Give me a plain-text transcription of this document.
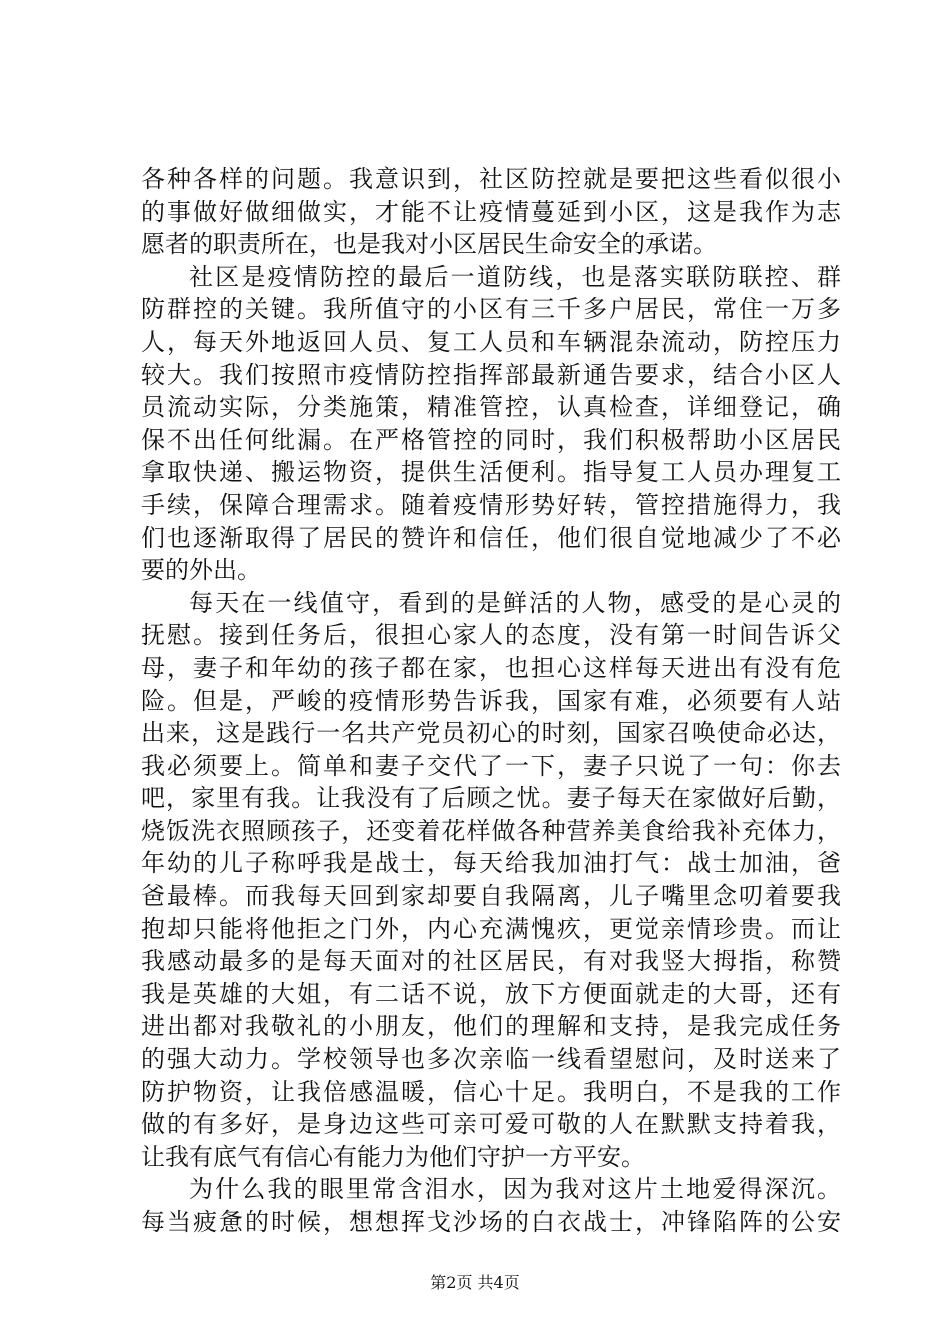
各种各样的问题。我意识到，社区防控就是要把这些看似很小
的事做好做细做实，才能不让疫情蔓延到小区，这是我作为志
愿者的职责所在，也是我对小区居民生命安全的承诺。
社区是疫情防控的最后一道防线，也是落实联防联控、群
防群控的关键。我所值守的小区有三千多户居民，常住一万多
人，每天外地返回人员、复工人员和车辆混杂流动，防控压力
较大。我们按照市疫情防控指挥部最新通告要求，结合小区人
员流动实际，分类施策，精准管控，认真检查，详细登记，确
保不出任何纰漏。在严格管控的同时，我们积极帮助小区居民
拿取快递、搬运物资，提供生活便利。指导复工人员办理复工
手续，保障合理需求。随着疫情形势好转，管控措施得力，我
们也逐渐取得了居民的赞许和信任，他们很自觉地减少了不必
要的外出。
每天在一线值守，看到的是鲜活的人物，感受的是心灵的
抚慰。接到任务后，很担心家人的态度，没有第一时间告诉父
母，妻子和年幼的孩子都在家，也担心这样每天进出有没有危
险。但是，严峻的疫情形势告诉我，国家有难，必须要有人站
出来，这是践行一名共产党员初心的时刻，国家召唤使命必达，
我必须要上。简单和妻子交代了一下，妻子只说了一句：你去
吧，家里有我。让我没有了后顾之忧。妻子每天在家做好后勤，
烧饭洗衣照顾孩子，还变着花样做各种营养美食给我补充体力，
年幼的儿子称呼我是战士，每天给我加油打气：战士加油，爸
爸最棒。而我每天回到家却要自我隔离，儿子嘴里念叨着要我
抱却只能将他拒之门外，内心充满愧疚，更觉亲情珍贵。而让
我感动最多的是每天面对的社区居民，有对我竖大拇指，称赞
我是英雄的大姐，有二话不说，放下方便面就走的大哥，还有
进出都对我敬礼的小朋友，他们的理解和支持，是我完成任务
的强大动力。学校领导也多次亲临一线看望慰问，及时送来了
防护物资，让我倍感温暖，信心十足。我明白，不是我的工作
做的有多好，是身边这些可亲可爱可敬的人在默默支持着我，
让我有底气有信心有能力为他们守护一方平安。
为什么我的眼里常含泪水，因为我对这片土地爱得深沉。
每当疲惫的时候，想想挥戈沙场的白衣战士，冲锋陷阵的公安
第2页 共4页
